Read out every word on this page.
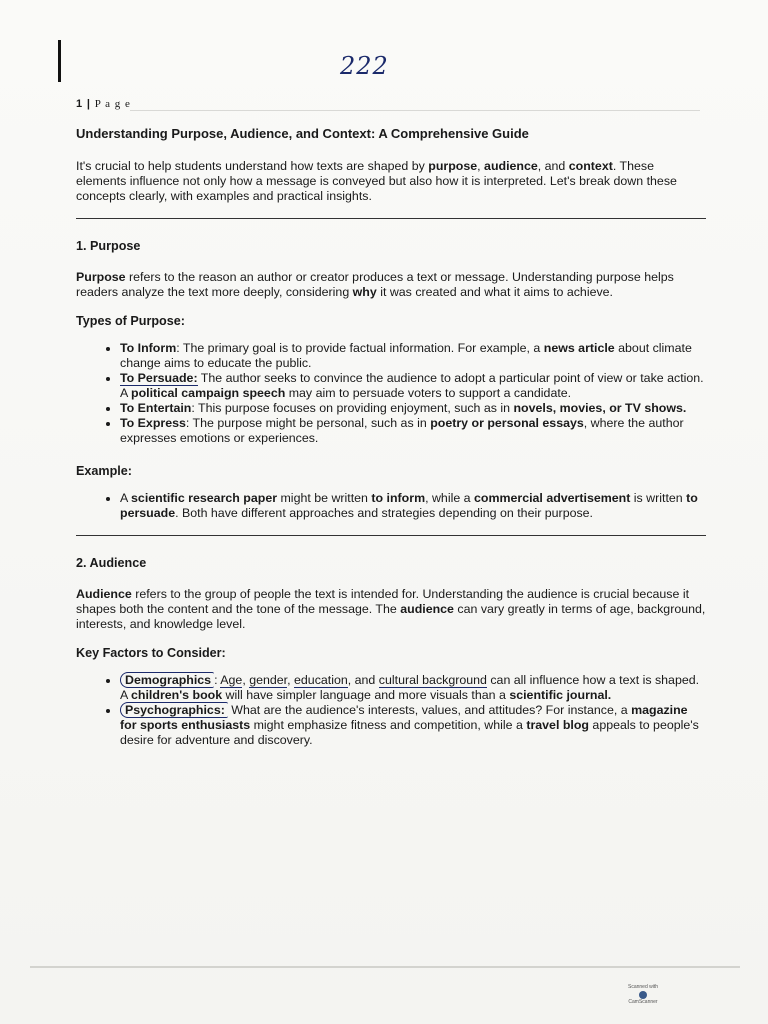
222
1 | P a g e
Understanding Purpose, Audience, and Context: A Comprehensive Guide

It's crucial to help students understand how texts are shaped by purpose, audience, and context. These elements influence not only how a message is conveyed but also how it is interpreted. Let's break down these concepts clearly, with examples and practical insights.

1. Purpose

Purpose refers to the reason an author or creator produces a text or message. Understanding purpose helps readers analyze the text more deeply, considering why it was created and what it aims to achieve.

Types of Purpose:
• To Inform: The primary goal is to provide factual information. For example, a news article about climate change aims to educate the public.
• To Persuade: The author seeks to convince the audience to adopt a particular point of view or take action. A political campaign speech may aim to persuade voters to support a candidate.
• To Entertain: This purpose focuses on providing enjoyment, such as in novels, movies, or TV shows.
• To Express: The purpose might be personal, such as in poetry or personal essays, where the author expresses emotions or experiences.
Example:
• A scientific research paper might be written to inform, while a commercial advertisement is written to persuade. Both have different approaches and strategies depending on their purpose.
2. Audience

Audience refers to the group of people the text is intended for. Understanding the audience is crucial because it shapes both the content and the tone of the message. The audience can vary greatly in terms of age, background, interests, and knowledge level.

Key Factors to Consider:
• Demographics : Age, gender, education, and cultural background can all influence how a text is shaped. A children's book will have simpler language and more visuals than a scientific journal.
• Psychographics: What are the audience's interests, values, and attitudes? For instance, a magazine for sports enthusiasts might emphasize fitness and competition, while a travel blog appeals to people's desire for adventure and discovery.
Scanned with
CamScanner
